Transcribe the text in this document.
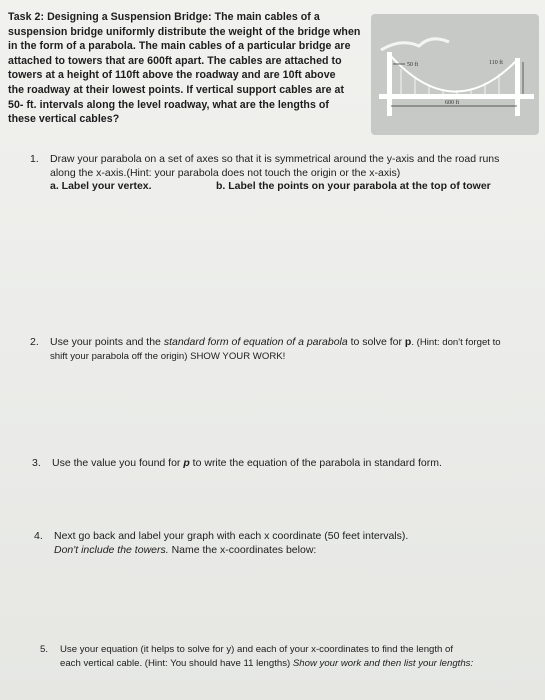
Task 2: Designing a Suspension Bridge: The main cables of a
suspension bridge uniformly distribute the weight of the bridge when
in the form of a parabola. The main cables of a particular bridge are
attached to towers that are 600ft apart. The cables are attached to
towers at a height of 110ft above the roadway and are 10ft above
the roadway at their lowest points. If vertical support cables are at
50- ft. intervals along the level roadway, what are the lengths of
these vertical cables?
50 ft	110 ft
600 ft
1. Draw your parabola on a set of axes so that it is symmetrical around the y-axis and the road runs
along the x-axis.(Hint: your parabola does not touch the origin or the x-axis)
a. Label your vertex.	b. Label the points on your parabola at the top of tower
2. Use your points and the standard form of equation of a parabola to solve for p. (Hint: don't forget to
shift your parabola off the origin) SHOW YOUR WORK!
3. Use the value you found for p to write the equation of the parabola in standard form.
4. Next go back and label your graph with each x coordinate (50 feet intervals).
Don't include the towers. Name the x-coordinates below:
5. Use your equation (it helps to solve for y) and each of your x-coordinates to find the length of
each vertical cable. (Hint: You should have 11 lengths) Show your work and then list your lengths:
